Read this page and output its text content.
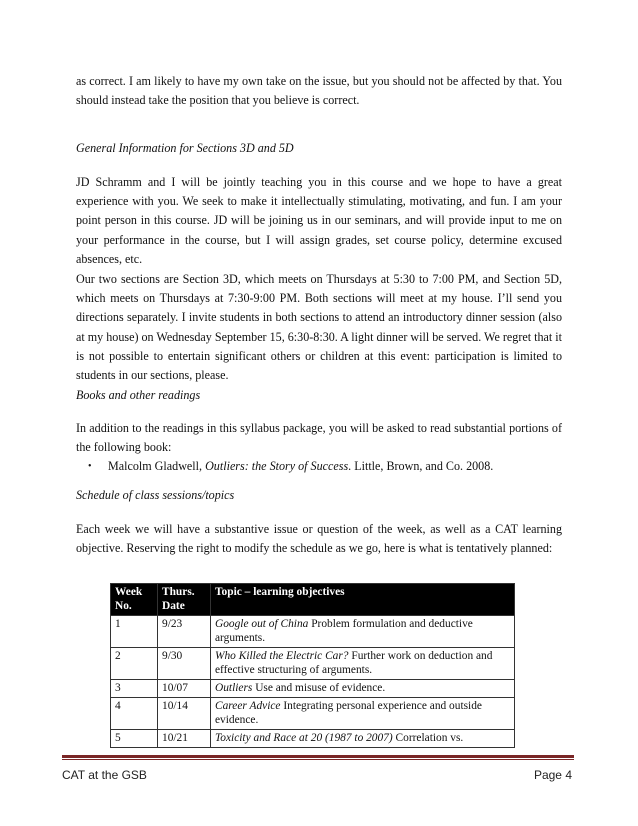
as correct. I am likely to have my own take on the issue, but you should not be affected by that. You should instead take the position that you believe is correct.
General Information for Sections 3D and 5D
JD Schramm and I will be jointly teaching you in this course and we hope to have a great experience with you. We seek to make it intellectually stimulating, motivating, and fun. I am your point person in this course. JD will be joining us in our seminars, and will provide input to me on your performance in the course, but I will assign grades, set course policy, determine excused absences, etc.
Our two sections are Section 3D, which meets on Thursdays at 5:30 to 7:00 PM, and Section 5D, which meets on Thursdays at 7:30-9:00 PM. Both sections will meet at my house. I’ll send you directions separately. I invite students in both sections to attend an introductory dinner session (also at my house) on Wednesday September 15, 6:30-8:30. A light dinner will be served. We regret that it is not possible to entertain significant others or children at this event: participation is limited to students in our sections, please.
Books and other readings
In addition to the readings in this syllabus package, you will be asked to read substantial portions of the following book:
• Malcolm Gladwell, Outliers: the Story of Success. Little, Brown, and Co. 2008.
Schedule of class sessions/topics
Each week we will have a substantive issue or question of the week, as well as a CAT learning objective. Reserving the right to modify the schedule as we go, here is what is tentatively planned:
Week No.	Thurs. Date	Topic – learning objectives
1	9/23	Google out of China Problem formulation and deductive arguments.
2	9/30	Who Killed the Electric Car? Further work on deduction and effective structuring of arguments.
3	10/07	Outliers Use and misuse of evidence.
4	10/14	Career Advice Integrating personal experience and outside evidence.
5	10/21	Toxicity and Race at 20 (1987 to 2007) Correlation vs.
CAT at the GSB	Page 4
